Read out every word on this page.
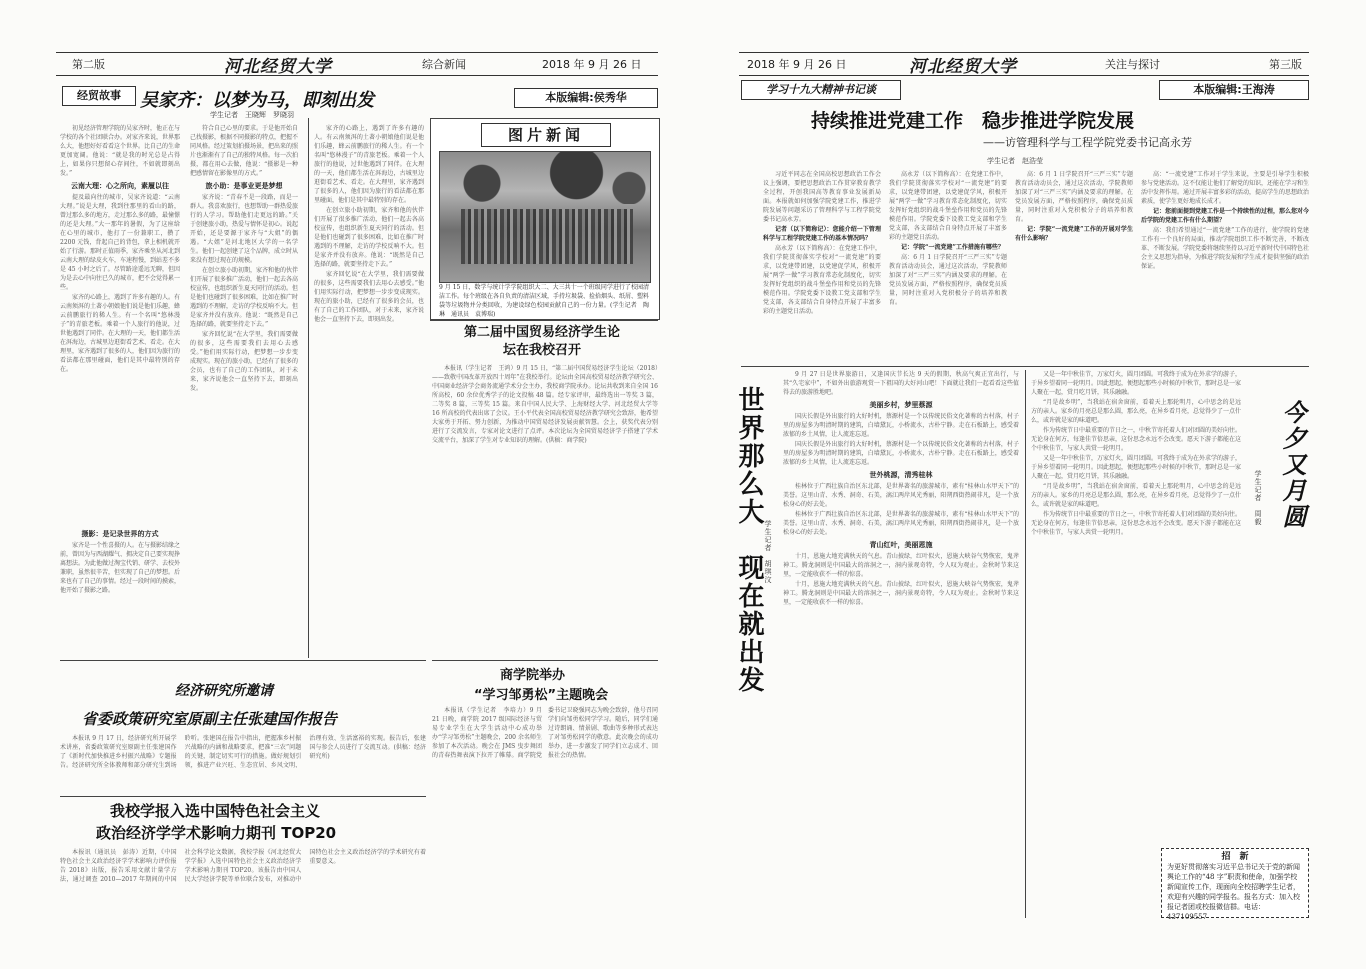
第二版	河北经贸大学	综合新闻	2018 年 9 月 26 日
经贸故事	吴家齐：以梦为马，即刻出发	本版编辑:侯秀华
学生记者　王晓辉　罗晓羽
初见经济管理学院的吴家齐时，他正在与学校的各个社团联合办。对家齐来说，世界那么大，他想好好看看这个世界。比自己的生命更加宽阔。他说：“就是我的时光总是占得上，如果你只想留心存间往，不如就即刻出发。”
云南大理：心之所向，素履以往
提及最向往的城市，吴家齐说道：“云南大理。”说是大理，我到往那里的看山的路，曾过那么多的地方，走过那么多的路，最憧憬的还是大理。”大一那年的暑假，为了这座给在心里的城市，他打了一份兼职工，攒了 2200 元钱，背起自己的背包，拿上相机就开始了行游。那时正值雨季，家齐乘坐从河北到云南大理的绿皮火车，车速程慢，到站差不多是 45 小时之后了。尽管路途遥远无聊，但因为是去心中向往已久的城市，把不会觉得累一些。
家齐的心路上，遇到了许多有趣的人。有云南须洱的土著小朝娘他们说是他们乐趣，蜂云前鹏旅行的稀人生。有一个名叫“悠林漫子”的青旅老板。乘着一个人旅行的他说，过世他遇到了同伴。在大理的一天，他们都生活在洱海边，古城里边逛街看艺术、看走。在大理里，家齐遇到了很多的人，他们因为旅行的看法都在那里碰面，他们是其中最特别的存在。
摄影：是记录世界的方式
家齐是一个性喜摄的人。在与摄影结缘之前，曾因为与西湖耀气、拥决定自己要实现挣离想法。为此他做过淘宝代销、研学、去校外兼职，虽然很辛苦，但实现了自己的梦想。后来也有了自己的事情。经过一段时间的摸索，他开始了摄影之路。
符合自己心里的要求。于是他开始自己找摄影，根据不同摄影的特点，把握不同风格。经过策划拍摄场景，把出来的照片也渐渐有了自己的独特风格。每一次拍摄，都在用心去做，他说：“摄影是一种把感情留在影像里的方式。”
旅小助：是事业更是梦想
家齐说：“青春不是一段路，而是一群人。我喜欢旅行，也想帮助一群热爱旅行的人学习。帮助他们走更远的路。”关于创建旅小助，热爱与情怀是初心。说起开始，还是要源于家齐与“大姐”的偶遇。“大姐”是河北地区大学的一名学生。他们一起创建了这个品牌，成立时从来没有想过现在的规模。
在创立旅小助初期，家齐和他的伙伴们开展了很多推广活动，他们一起去各高校宣传，也组织新生夏天同行的活动。但是他们也碰到了很多困难，比如在推广时遇到的不理解，走访的学校反响不大。但是家齐并没有放弃。他说：“既然是自己选择的路，就要坚持走下去。”
家齐回忆说“在大学里，我们需要做的很多，这些需要我们去用心去感受。”他们用实际行动，把梦想一步步变成现实。现在的旅小助，已经有了很多的会员，也有了自己的工作团队，对于未来，家齐说他会一直坚持下去，即刻出发。
家齐的心路上，遇到了许多有趣的人。有云南须洱的土著小朝娘他们说是他们乐趣，蜂云前鹏旅行的稀人生。有一个名叫“悠林漫子”的青旅老板。乘着一个人旅行的他说，过世他遇到了同伴。在大理的一天，他们都生活在洱海边，古城里边逛街看艺术、看走。在大理里，家齐遇到了很多的人，他们因为旅行的看法都在那里碰面，他们是其中最特别的存在。
在创立旅小助初期，家齐和他的伙伴们开展了很多推广活动，他们一起去各高校宣传，也组织新生夏天同行的活动。但是他们也碰到了很多困难，比如在推广时遇到的不理解，走访的学校反响不大。但是家齐并没有放弃。他说：“既然是自己选择的路，就要坚持走下去。”
家齐回忆说“在大学里，我们需要做的很多，这些需要我们去用心去感受。”他们用实际行动，把梦想一步步变成现实。现在的旅小助，已经有了很多的会员，也有了自己的工作团队，对于未来，家齐说他会一直坚持下去，即刻出发。
图片新闻
9 月 15 日，数学与统计学学院组织大二、大三共十一个班级同学进行了校园清洁工作。每个班级在各自负责的清洁区域，手持垃圾袋、捡拾烟头、纸屑、塑料袋等垃圾物并分类回收，为建设绿色校园贡献自己的一份力量。(学生记者　陶琳　通讯员　袁博瑞)
第二届中国贸易经济学生论坛在我校召开
本报讯（学生记者　王鸿）9 月 15 日，“第二届中国贸易经济学生论坛（2018）——致敬中国改革开放四十周年”在我校举行。论坛由全国高校贸易经济教学研究会、中国商业经济学会商务流通学术分会主办，我校商学院承办。论坛共收到来自全国 16 所高校，60 余位优秀学子的论文投稿 48 篇。经专家评审，最终选出一等奖 3 篇，二等奖 8 篇，三等奖 15 篇。来自中国人民大学、上海财经大学、河北经贸大学等 16 所高校的代表出席了会议。王小平代表全国高校贸易经济教学研究会致辞，他希望大家勇于开拓、努力创新，为推动中国贸易经济发展贡献智慧。会上，获奖代表分别进行了交流发言，专家对论文进行了点评。本次论坛为全国贸易经济学子搭建了学术交流平台，加深了学生对专业知识的理解。(供稿：商学院)
经济研究所邀请
省委政策研究室原副主任张建国作报告
本报讯 9 月 17 日，经济研究所开展学术讲座，省委政策研究室原副主任张建国作了《新时代加快推进乡村振兴战略》专题报告。经济研究所全体教师和部分研究生到场聆听。张建国在报告中指出，把握准乡村振兴战略的内涵和战略要求，把准“三农”问题的关键，制定切实可行的措施。做好规划引领，推进产业兴旺、生态宜居、乡风文明、治理有效、生活富裕的实现。报告后，张建国与参会人员进行了交流互动。(供稿：经济研究所)
商学院举办
“学习邹勇松”主题晚会
本报讯（学生记者　李培力）9 月 21 日晚，商学院 2017 级国际经济与贸易专业学生在大学生活动中心成功举办“学习邹勇松”主题晚会，200 余名师生参加了本次活动。晚会在 JMS 曳步舞团的青春热舞表演下拉开了帷幕。商学院党委书记卫晓强同志为晚会致辞，他号召同学们向邹勇松同学学习。随后，同学们通过诗朗诵、情景剧、歌曲等多种形式表达了对邹勇松同学的敬意。此次晚会的成功举办，进一步激发了同学们立志成才、回报社会的热情。
我校学报入选中国特色社会主义
政治经济学学术影响力期刊 TOP20
本报讯（通讯员　彭涛）近期，《中国特色社会主义政治经济学学术影响力评价报告 2018》出版，报告采用文献计量学方法，通过调查 2010—2017 年期间的中国社会科学论文数据，我校学报《河北经贸大学学报》入选中国特色社会主义政治经济学学术影响力期刊 TOP20。该报告由中国人民大学经济学院等单位联合发布，对推动中国特色社会主义政治经济学的学术研究有着重要意义。
2018 年 9 月 26 日	河北经贸大学	关注与探讨	第三版
学习十九大精神书记谈	本版编辑:王海涛
持续推进党建工作　稳步推进学院发展
——访管理科学与工程学院党委书记高永芳
学生记者　赵浩莹
习近平同志在全国高校思想政治工作会议上强调，要把思想政治工作贯穿教育教学全过程，开创我国高等教育事业发展新局面。本报就如何加强学院党建工作，推进学院发展等问题采访了管理科学与工程学院党委书记高永芳。
记者（以下简称记）：您能介绍一下管理科学与工程学院党建工作的基本情况吗？
高永芳（以下简称高）：在党建工作中，我们学院贯彻落实学校对“一流党建”的要求，以党建带团建，以党建促学风，积极开展“两学一做”学习教育常态化制度化，切实发挥好党组织的战斗堡垒作用和党员的先锋模范作用。学院党委下设教工党支部和学生党支部，各支部结合自身特点开展了丰富多彩的主题党日活动。
高永芳（以下简称高）：在党建工作中，我们学院贯彻落实学校对“一流党建”的要求，以党建带团建，以党建促学风，积极开展“两学一做”学习教育常态化制度化，切实发挥好党组织的战斗堡垒作用和党员的先锋模范作用。学院党委下设教工党支部和学生党支部，各支部结合自身特点开展了丰富多彩的主题党日活动。
记：学院“一流党建”工作措施有哪些？
高：6 月 1 日学院召开“三严三实”专题教育活动动员会，通过这次活动，学院教师加深了对“三严三实”内涵及要求的理解。在党员发展方面，严格按照程序，确保党员质量，同时注重对入党积极分子的培养和教育。
高：6 月 1 日学院召开“三严三实”专题教育活动动员会，通过这次活动，学院教师加深了对“三严三实”内涵及要求的理解。在党员发展方面，严格按照程序，确保党员质量，同时注重对入党积极分子的培养和教育。
记：学院“一流党建”工作的开展对学生有什么影响？
高：“一流党建”工作对于学生来说，主要是引导学生积极参与党建活动。这不仅能让他们了解党的知识，还能在学习和生活中发挥作用。通过开展丰富多彩的活动，提高学生的思想政治素质，使学生更好地成长成才。
记：您前面提到党建工作是一个持续性的过程，那么您对今后学院的党建工作有什么期望？
高：我们希望通过“一流党建”工作的进行，使学院的党建工作有一个良好的局面，推动学院组织工作不断完善，不断改革、不断发展。学院党委将继续坚持以习近平新时代中国特色社会主义思想为指导，为推进学院发展和学生成才提供坚强的政治保证。
世界那么大　现在就出发 学生记者　胡琪汶
9 月 27 日是世界旅游日，又逢国庆节长达 9 天的假期，秋高气爽正宜出行，与其“久宅家中”，不如外出旅游观赏一下祖国的大好河山吧！下面就让我们一起看看这些值得去的旅游胜地吧。
美丽乡村，梦里蔡源
国庆长假是外出旅行的大好时机，蔡源村是一个以传统民俗文化著称的古村落，村子里的房屋多为明清时期的建筑，白墙黛瓦，小桥流水，古朴宁静。走在石板路上，感受着浓郁的乡土风情，让人流连忘返。
国庆长假是外出旅行的大好时机，蔡源村是一个以传统民俗文化著称的古村落，村子里的房屋多为明清时期的建筑，白墙黛瓦，小桥流水，古朴宁静。走在石板路上，感受着浓郁的乡土风情，让人流连忘返。
世外桃源，清秀桂林
桂林位于广西壮族自治区东北部，是世界著名的旅游城市，素有“桂林山水甲天下”的美誉。这里山青、水秀、洞奇、石美，漓江两岸风光秀丽，阳朔西街热闹非凡，是一个放松身心的好去处。
桂林位于广西壮族自治区东北部，是世界著名的旅游城市，素有“桂林山水甲天下”的美誉。这里山青、水秀、洞奇、石美，漓江两岸风光秀丽，阳朔西街热闹非凡，是一个放松身心的好去处。
青山红叶，美丽恩施
十月，恩施大地充满秋天的气息。青山披绿，红叶似火，恩施大峡谷气势恢宏，鬼斧神工。腾龙洞则是中国最大的溶洞之一，洞内景观奇特，令人叹为观止。金秋时节来这里，一定能收获不一样的惊喜。
十月，恩施大地充满秋天的气息。青山披绿，红叶似火，恩施大峡谷气势恢宏，鬼斧神工。腾龙洞则是中国最大的溶洞之一，洞内景观奇特，令人叹为观止。金秋时节来这里，一定能收获不一样的惊喜。
又是一年中秋佳节，万家灯火，圆月团圆。可我终于成为在外求学的游子，于异乡望着同一轮明月。因此想起，便想起那些小时候的中秋节，那时总是一家人聚在一起，赏月吃月饼，其乐融融。
“月是故乡明”，当我站在宿舍窗前，看着天上那轮明月，心中思念的是远方的亲人。家乡的月亮总是那么圆，那么亮，在异乡看月亮，总觉得少了一点什么，或许就是家的味道吧。
作为传统节日中最重要的节日之一，中秋节寄托着人们对团圆的美好向往。无论身在何方，每逢佳节倍思亲，这份思念永远不会改变。愿天下游子都能在这个中秋佳节，与家人共赏一轮明月。
又是一年中秋佳节，万家灯火，圆月团圆。可我终于成为在外求学的游子，于异乡望着同一轮明月。因此想起，便想起那些小时候的中秋节，那时总是一家人聚在一起，赏月吃月饼，其乐融融。
“月是故乡明”，当我站在宿舍窗前，看着天上那轮明月，心中思念的是远方的亲人。家乡的月亮总是那么圆，那么亮，在异乡看月亮，总觉得少了一点什么，或许就是家的味道吧。
作为传统节日中最重要的节日之一，中秋节寄托着人们对团圆的美好向往。无论身在何方，每逢佳节倍思亲，这份思念永远不会改变。愿天下游子都能在这个中秋佳节，与家人共赏一轮明月。
今夕又月圆
学生记者　周毅
招　新
为更好贯彻落实习近平总书记关于党的新闻舆论工作的“48 字”职责和使命，加强学校新闻宣传工作，现面向全校招聘学生记者，欢迎有兴趣的同学报名。报名方式：加入校报记者团或校报微信群。电话：437109557
